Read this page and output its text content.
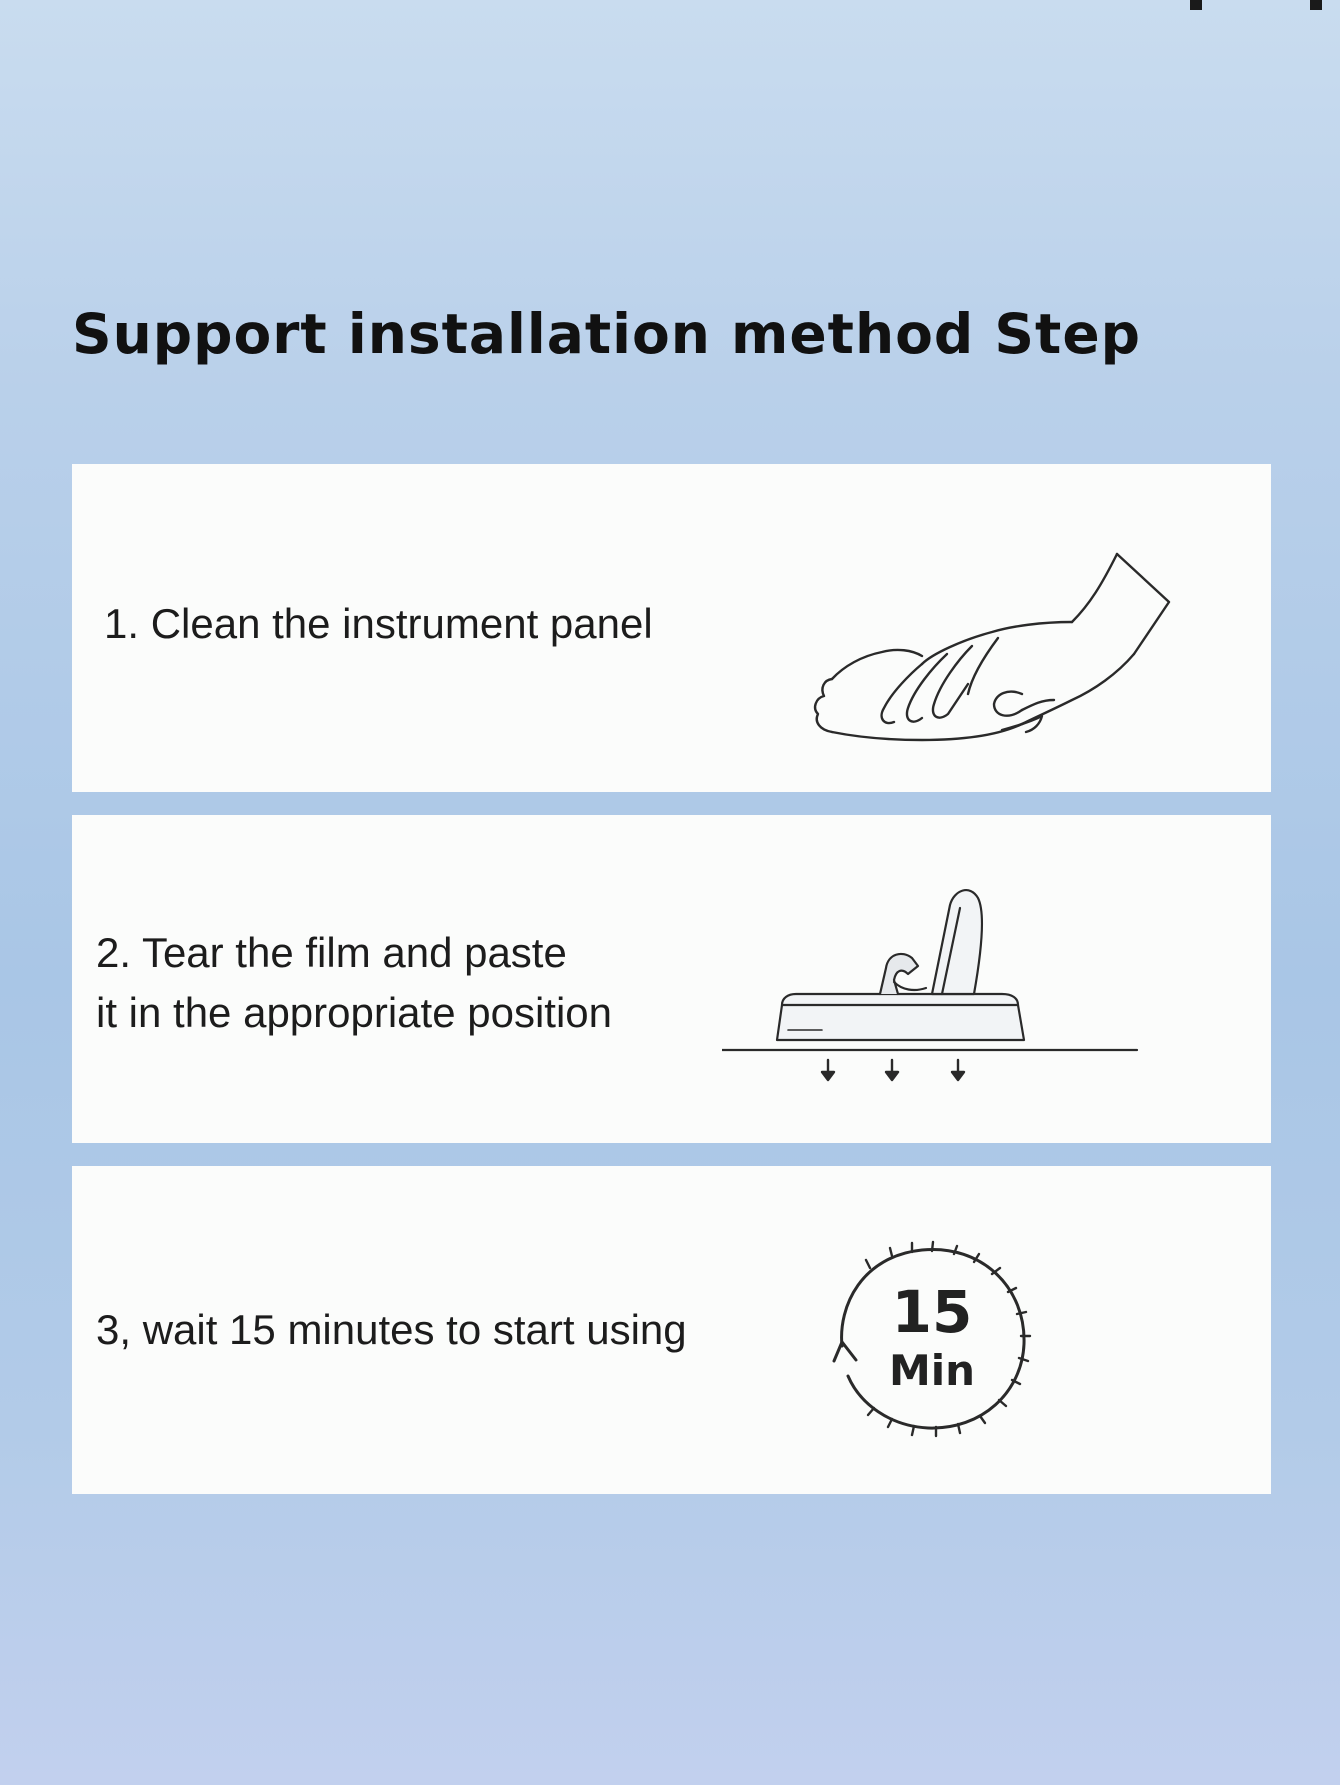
Support installation method Step

1. Clean the instrument panel

2. Tear the film and paste
it in the appropriate position

3, wait 15 minutes to start using	15
Min
